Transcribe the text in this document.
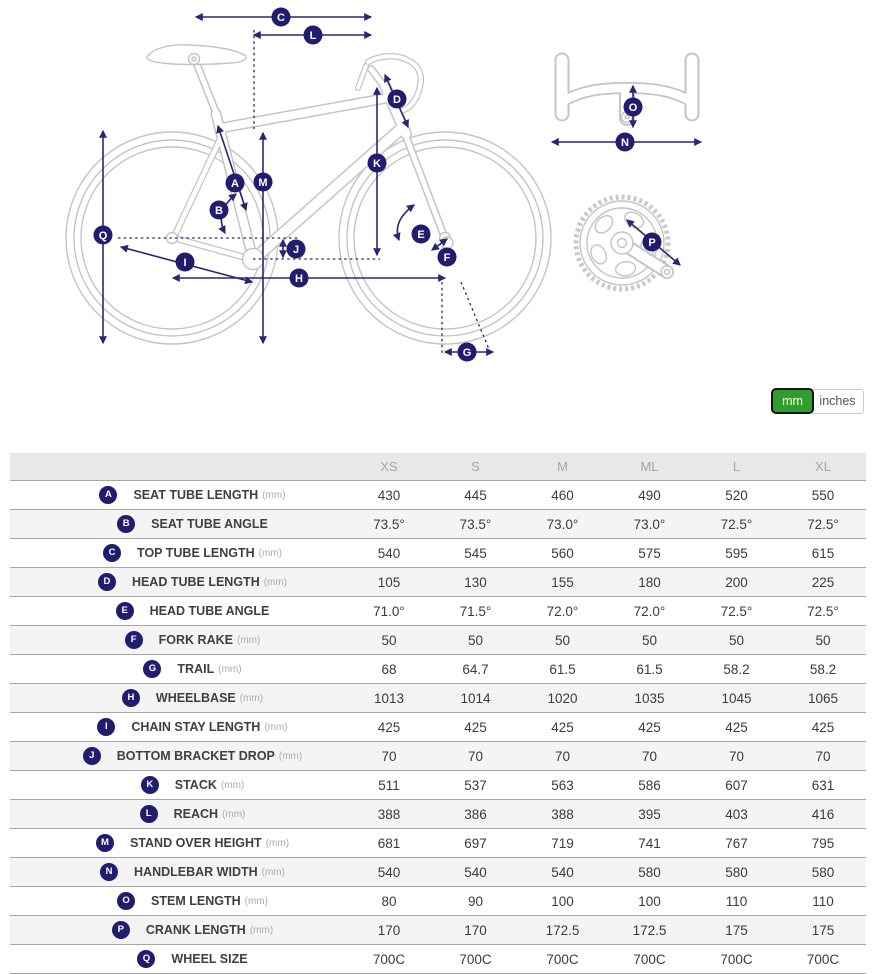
A
B
C
D
E
F
G
H
I
J
K
L
M
N
O
P
Q
mm	inches
	XS	S	M	ML	L	XL
A SEAT TUBE LENGTH (mm)	430	445	460	490	520	550
B SEAT TUBE ANGLE	73.5°	73.5°	73.0°	73.0°	72.5°	72.5°
C TOP TUBE LENGTH (mm)	540	545	560	575	595	615
D HEAD TUBE LENGTH (mm)	105	130	155	180	200	225
E HEAD TUBE ANGLE	71.0°	71.5°	72.0°	72.0°	72.5°	72.5°
F FORK RAKE (mm)	50	50	50	50	50	50
G TRAIL (mm)	68	64.7	61.5	61.5	58.2	58.2
H WHEELBASE (mm)	1013	1014	1020	1035	1045	1065
I CHAIN STAY LENGTH (mm)	425	425	425	425	425	425
J BOTTOM BRACKET DROP (mm)	70	70	70	70	70	70
K STACK (mm)	511	537	563	586	607	631
L REACH (mm)	388	386	388	395	403	416
M STAND OVER HEIGHT (mm)	681	697	719	741	767	795
N HANDLEBAR WIDTH (mm)	540	540	540	580	580	580
O STEM LENGTH (mm)	80	90	100	100	110	110
P CRANK LENGTH (mm)	170	170	172.5	172.5	175	175
Q WHEEL SIZE	700C	700C	700C	700C	700C	700C
